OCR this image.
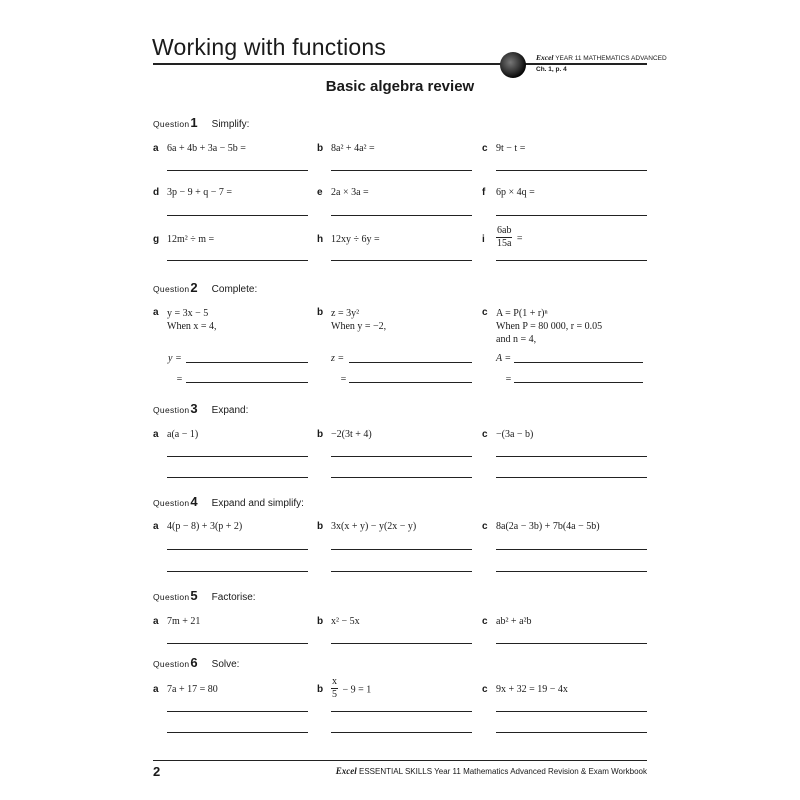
Working with functions	Excel YEAR 11 MATHEMATICS ADVANCED
Ch. 1, p. 4
Basic algebra review
Question1 Simplify:
a 6a + 4b + 3a − 5b =	b 8a² + 4a² =	c 9t − t =
d 3p − 9 + q − 7 =	e 2a × 3a =	f 6p × 4q =
g 12m² ÷ m =	h 12xy ÷ 6y =	i $\frac{6ab}{15a}$ =
Question2 Complete:
a y = 3x − 5
When x = 4,
y =
=
b z = 3y²
When y = −2,
z =
=
c A = P(1 + r)ⁿ
When P = 80 000, r = 0.05
and n = 4,
A =
=
Question3 Expand:
a a(a − 1)	b −2(3t + 4)	c −(3a − b)
Question4 Expand and simplify:
a 4(p − 8) + 3(p + 2)	b 3x(x + y) − y(2x − y)	c 8a(2a − 3b) + 7b(4a − 5b)
Question5 Factorise:
a 7m + 21	b x² − 5x	c ab² + a²b
Question6 Solve:
a 7a + 17 = 80	b $\frac{x}{5} - 9 = 1$	c 9x + 32 = 19 − 4x
2	Excel ESSENTIAL SKILLS Year 11 Mathematics Advanced Revision & Exam Workbook
